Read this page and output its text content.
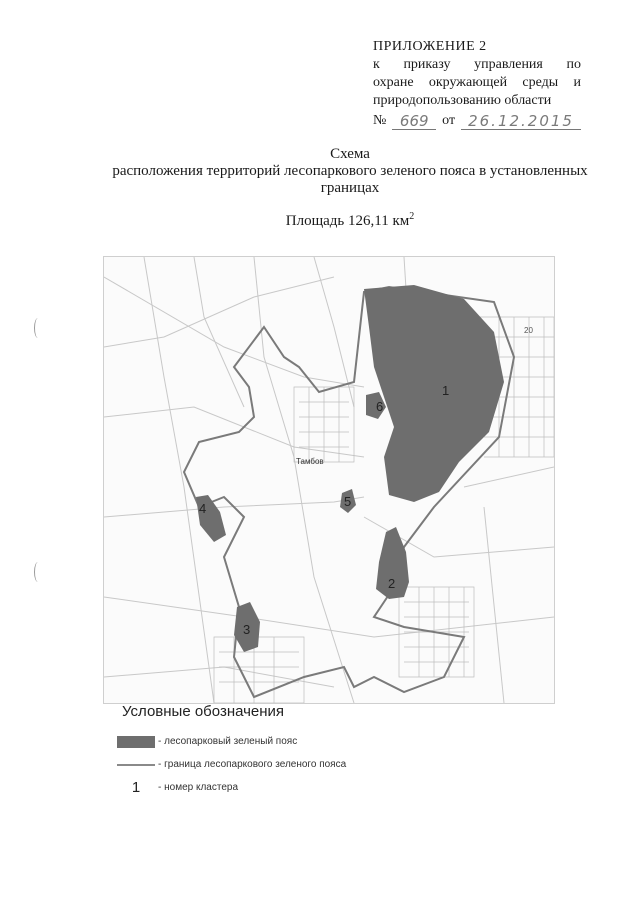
ПРИЛОЖЕНИЕ 2
к приказу управления по
охране окружающей среды и
природопользованию области
№ 669 от 26.12.2015
Схема
расположения территорий лесопаркового зеленого пояса в установленных
границах
Площадь 126,11 $км^2$
1
2
3
4	5
6
Тамбов
20
Условные обозначения
- лесопарковый зеленый пояс
- граница лесопаркового зеленого пояса
1 - номер кластера
